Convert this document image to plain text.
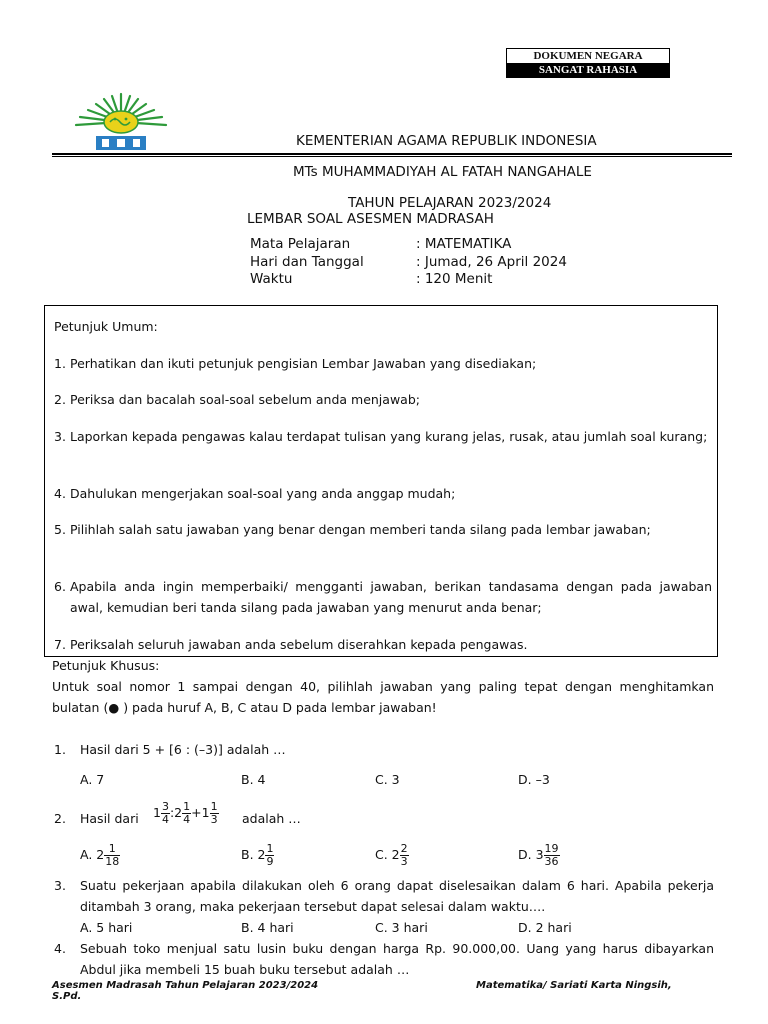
DOKUMEN NEGARA
SANGAT RAHASIA
KEMENTERIAN AGAMA REPUBLIK INDONESIA
MTs MUHAMMADIYAH AL FATAH NANGAHALE
TAHUN PELAJARAN 2023/2024
LEMBAR SOAL ASESMEN MADRASAH
Mata Pelajaran	: MATEMATIKA
Hari dan Tanggal	: Jumad, 26 April 2024
Waktu	: 120 Menit
Petunjuk Umum:
1. Perhatikan dan ikuti petunjuk pengisian Lembar Jawaban yang disediakan;
2. Periksa dan bacalah soal-soal sebelum anda menjawab;
3. Laporkan kepada pengawas kalau terdapat tulisan yang kurang jelas, rusak, atau jumlah soal kurang;
4. Dahulukan mengerjakan soal-soal yang anda anggap mudah;
5. Pilihlah salah satu jawaban yang benar dengan memberi tanda silang pada lembar jawaban;
6. Apabila anda ingin memperbaiki/ mengganti jawaban, berikan tandasama dengan pada jawaban awal, kemudian beri tanda silang pada jawaban yang menurut anda benar;
7. Periksalah seluruh jawaban anda sebelum diserahkan kepada pengawas.
Petunjuk Khusus:
Untuk soal nomor 1 sampai dengan 40, pilihlah jawaban yang paling tepat dengan menghitamkan bulatan (● ) pada huruf A, B, C atau D pada lembar jawaban!
1. Hasil dari 5 + [6 : (–3)] adalah …
A. 7	B. 4	C. 3	D. –3
2. Hasil dari $1 \frac{3}{4}$ :2 $\frac{1}{4} +1 \frac{1}{3}$ adalah …
A. $2 \frac{1}{18}$	B. $2 \frac{1}{9}$	C. $2 \frac{2}{3}$	D. $3 \frac{19}{36}$
3. Suatu pekerjaan apabila dilakukan oleh 6 orang dapat diselesaikan dalam 6 hari. Apabila pekerja ditambah 3 orang, maka pekerjaan tersebut dapat selesai dalam waktu….
A. 5 hari	B. 4 hari	C. 3 hari	D. 2 hari
4. Sebuah toko menjual satu lusin buku dengan harga Rp. 90.000,00. Uang yang harus dibayarkan Abdul jika membeli 15 buah buku tersebut adalah …
Asesmen Madrasah Tahun Pelajaran 2023/2024	Matematika/ Sariati Karta Ningsih,
S.Pd.
